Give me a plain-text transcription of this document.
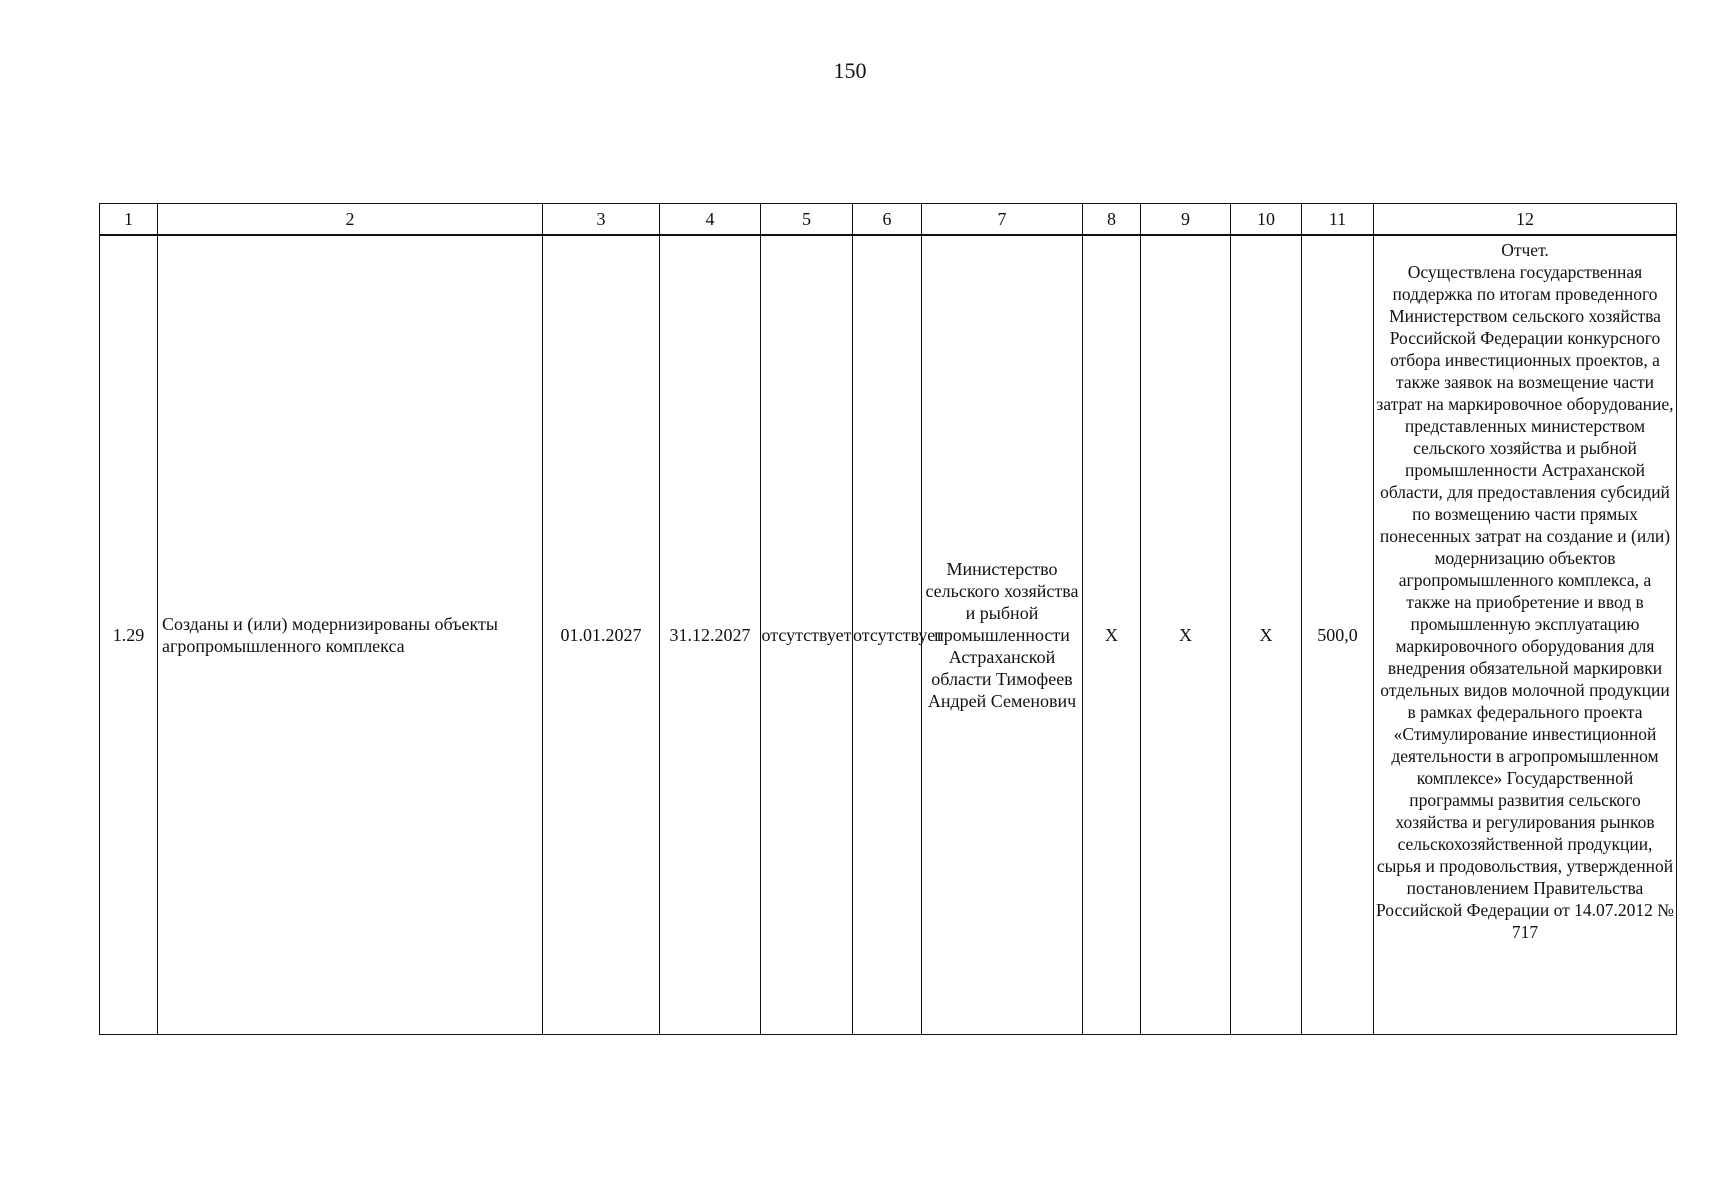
150
1	2	3	4	5	6	7	8	9	10	11	12
1.29	Созданы и (или) модернизированы объекты агропромышленного комплекса	01.01.2027	31.12.2027	отсутствует	отсутствует	Министерство сельского хозяйства и рыбной промышленности Астраханской области Тимофеев Андрей Семенович	X	X	X	500,0	Отчет.
Осуществлена государственная поддержка по итогам проведенного Министерством сельского хозяйства Российской Федерации конкурсного отбора инвестиционных проектов, а также заявок на возмещение части затрат на маркировочное оборудование, представленных министерством сельского хозяйства и рыбной промышленности Астраханской области, для предоставления субсидий по возмещению части прямых понесенных затрат на создание и (или) модернизацию объектов агропромышленного комплекса, а также на приобретение и ввод в промышленную эксплуатацию маркировочного оборудования для внедрения обязательной маркировки отдельных видов молочной продукции в рамках федерального проекта «Стимулирование инвестиционной деятельности в агропромышленном комплексе» Государственной программы развития сельского хозяйства и регулирования рынков сельскохозяйственной продукции, сырья и продовольствия, утвержденной постановлением Правительства Российской Федерации от 14.07.2012 № 717
